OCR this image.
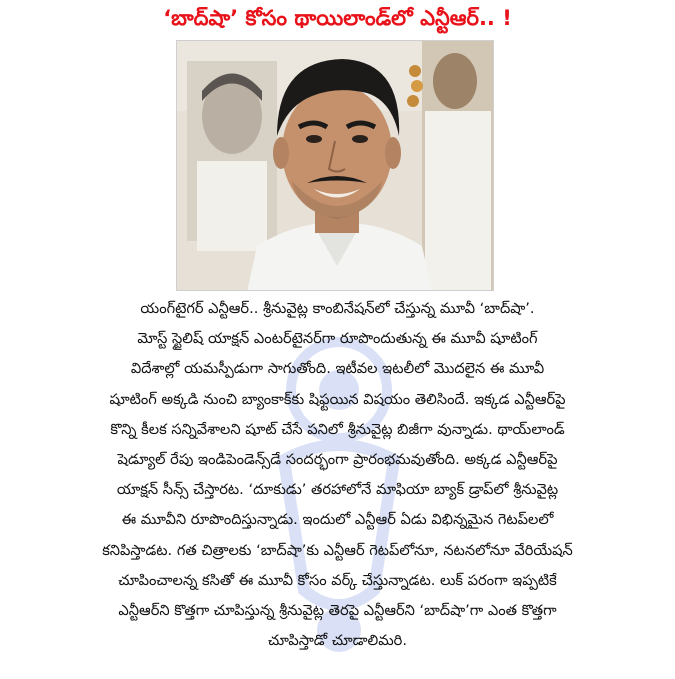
‘బాద్‌షా’ కోసం థాయిలాండ్‌లో ఎన్టీఆర్.. !
యంగ్‌టైగర్ ఎన్టీఆర్.. శ్రీనువైట్ల కాంబినేషన్‌లో చేస్తున్న మూవీ ‘బాద్‌షా’.
మోస్ట్ స్టైలిష్ యాక్షన్ ఎంటర్‌టైనర్‌గా రూపొందుతున్న ఈ మూవీ షూటింగ్
విదేశాల్లో యమస్పీడుగా సాగుతోంది. ఇటీవల ఇటలీలో మొదలైన ఈ మూవీ
షూటింగ్ అక్కడి నుంచి బ్యాంకాక్‌కు షిఫ్టయిన విషయం తెలిసిందే. ఇక్కడ ఎన్టీఆర్‌పై
కొన్ని కీలక సన్నివేశాలని షూట్ చేసే పనిలో శ్రీనువైట్ల బిజీగా వున్నాడు. థాయ్‌లాండ్
షెడ్యూల్ రేపు ఇండిపెండెన్స్‌డే సందర్భంగా ప్రారంభమవుతోంది. అక్కడ ఎన్టీఆర్‌పై
యాక్షన్ సీన్స్ చేస్తారట. ‘దూకుడు’ తరహాలోనే మాఫియా బ్యాక్ డ్రాప్‌లో శ్రీనువైట్ల
ఈ మూవీని రూపొందిస్తున్నాడు. ఇందులో ఎన్టీఆర్ ఏడు విభిన్నమైన గెటప్‌లలో
కనిపిస్తాడట. గత చిత్రాలకు ‘బాద్‌షా’కు ఎన్టీఆర్ గెటప్‌లోనూ, నటనలోనూ వేరియేషన్
చూపించాలన్న కసితో ఈ మూవీ కోసం వర్క్ చేస్తున్నాడట. లుక్ పరంగా ఇప్పటికే
ఎన్టీఆర్‌ని కొత్తగా చూపిస్తున్న శ్రీనువైట్ల తెరపై ఎన్టీఆర్‌ని ‘బాద్‌షా’గా ఎంత కొత్తగా
చూపిస్తాడో చూడాలిమరి.
